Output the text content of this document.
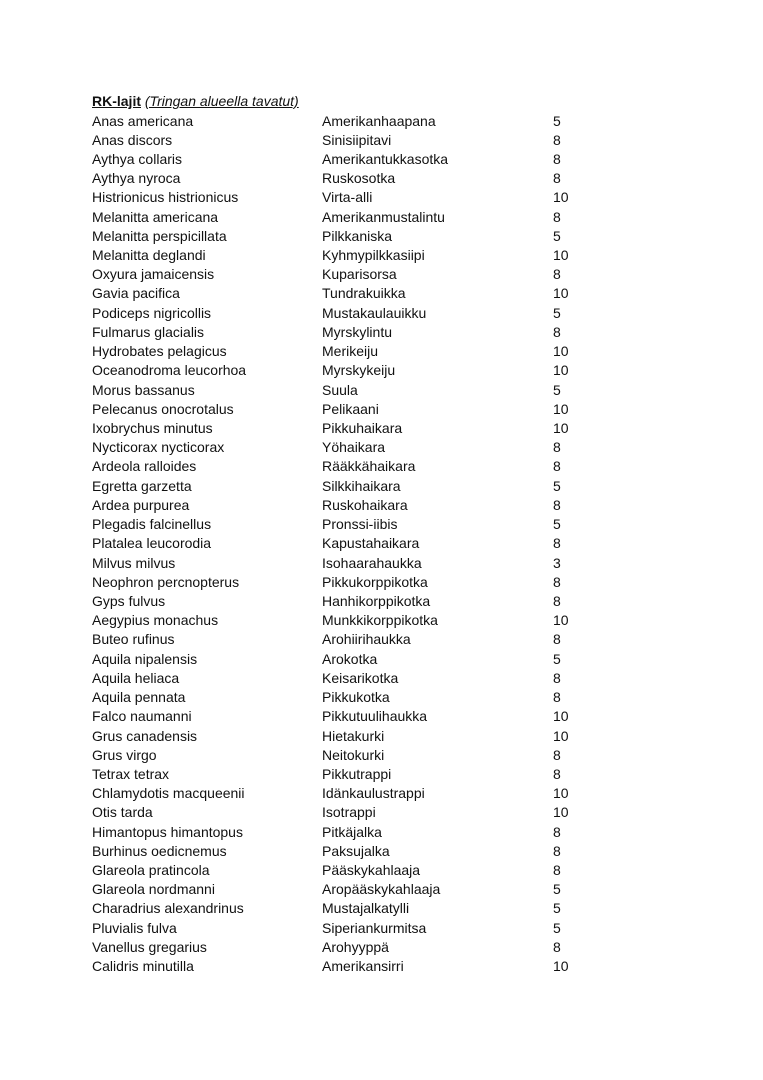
RK-lajit (Tringan alueella tavatut)
Anas americana	Amerikanhaapana	5
Anas discors	Sinisiipitavi	8
Aythya collaris	Amerikantukkasotka	8
Aythya nyroca	Ruskosotka	8
Histrionicus histrionicus	Virta-alli	10
Melanitta americana	Amerikanmustalintu	8
Melanitta perspicillata	Pilkkaniska	5
Melanitta deglandi	Kyhmypilkkasiipi	10
Oxyura jamaicensis	Kuparisorsa	8
Gavia pacifica	Tundrakuikka	10
Podiceps nigricollis	Mustakaulauikku	5
Fulmarus glacialis	Myrskylintu	8
Hydrobates pelagicus	Merikeiju	10
Oceanodroma leucorhoa	Myrskykeiju	10
Morus bassanus	Suula	5
Pelecanus onocrotalus	Pelikaani	10
Ixobrychus minutus	Pikkuhaikara	10
Nycticorax nycticorax	Yöhaikara	8
Ardeola ralloides	Rääkkähaikara	8
Egretta garzetta	Silkkihaikara	5
Ardea purpurea	Ruskohaikara	8
Plegadis falcinellus	Pronssi-iibis	5
Platalea leucorodia	Kapustahaikara	8
Milvus milvus	Isohaarahaukka	3
Neophron percnopterus	Pikkukorppikotka	8
Gyps fulvus	Hanhikorppikotka	8
Aegypius monachus	Munkkikorppikotka	10
Buteo rufinus	Arohiirihaukka	8
Aquila nipalensis	Arokotka	5
Aquila heliaca	Keisarikotka	8
Aquila pennata	Pikkukotka	8
Falco naumanni	Pikkutuulihaukka	10
Grus canadensis	Hietakurki	10
Grus virgo	Neitokurki	8
Tetrax tetrax	Pikkutrappi	8
Chlamydotis macqueenii	Idänkaulustrappi	10
Otis tarda	Isotrappi	10
Himantopus himantopus	Pitkäjalka	8
Burhinus oedicnemus	Paksujalka	8
Glareola pratincola	Pääskykahlaaja	8
Glareola nordmanni	Aropääskykahlaaja	5
Charadrius alexandrinus	Mustajalkatylli	5
Pluvialis fulva	Siperiankurmitsa	5
Vanellus gregarius	Arohyyppä	8
Calidris minutilla	Amerikansirri	10
